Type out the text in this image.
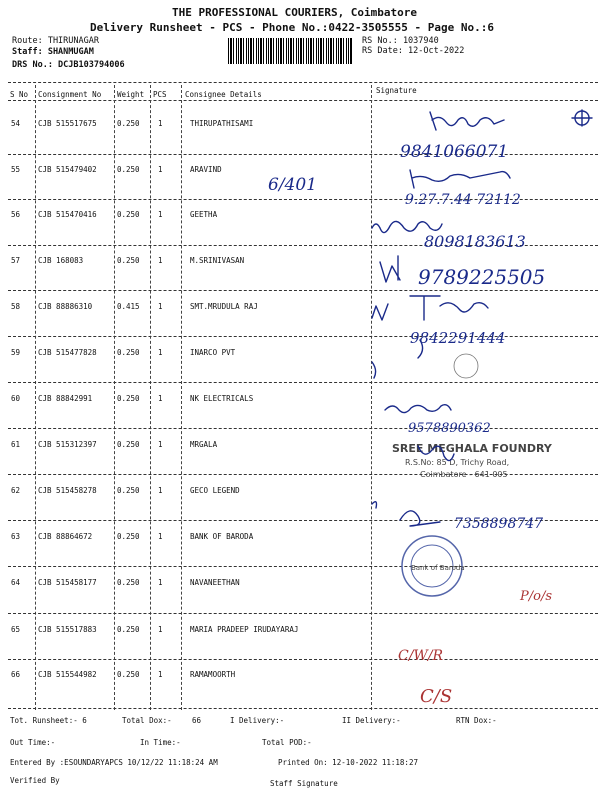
THE PROFESSIONAL COURIERS, Coimbatore
Delivery Runsheet - PCS - Phone No.:0422-3505555 - Page No.:6
Route: THIRUNAGAR
Staff: SHANMUGAM
DRS No.: DCJB103794006
RS No.: 1037940
RS Date: 12-Oct-2022
S No Consignment No Weight PCS Consignee Details	Signature
54 CJB 515517675	0.250 1	THIRUPATHISAMI
55 CJB 515479402	0.250 1	ARAVIND
56 CJB 515470416	0.250 1	GEETHA
57 CJB 168083	0.250 1	M.SRINIVASAN
58 CJB 88886310	0.415 1	SMT.MRUDULA RAJ
59 CJB 515477828	0.250 1	INARCO PVT
60 CJB 88842991	0.250 1	NK ELECTRICALS
61 CJB 515312397	0.250 1	MRGALA
62 CJB 515458278	0.250 1	GECO LEGEND
63 CJB 88864672	0.250 1	BANK OF BARODA
64 CJB 515458177	0.250 1	NAVANEETHAN
65 CJB 515517883	0.250 1	MARIA PRADEEP IRUDAYARAJ
66 CJB 515544982	0.250 1	RAMAMOORTH
9841066071
6/401
9.27.7.44 72112
8098183613
9789225505
9842291444
9578890362
SREE MEGHALA FOUNDRY
R.S.No: 85 D, Trichy Road,
Coimbatore - 641 005
7358898747
Bank of Baroda
P/o/s
C/W/R
C/S
Tot. Runsheet:- 6	Total Dox:-	66	I Delivery:-	II Delivery:-	RTN Dox:-
Out Time:-	In Time:-	Total POD:-
Entered By :ESOUNDARYAPCS 10/12/22 11:18:24 AM	Printed On: 12-10-2022 11:18:27
Verified By	Staff Signature
